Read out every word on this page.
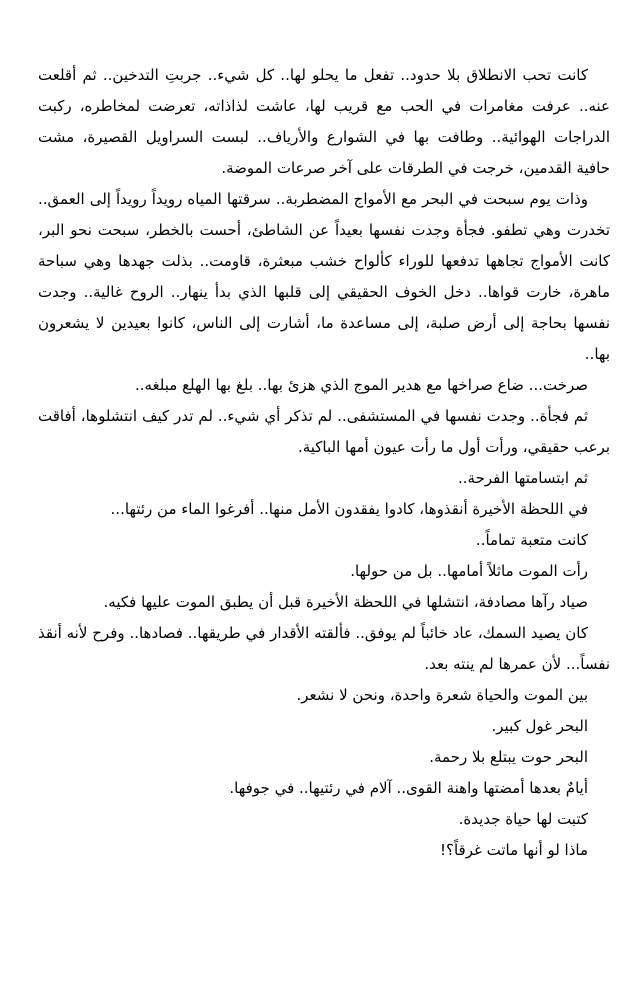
كانت تحب الانطلاق بلا حدود.. تفعل ما يحلو لها.. كل شيء.. جربتِ التدخين.. ثم أقلعت عنه.. عرفت مغامرات في الحب مع قريب لها، عاشت لذاذاته، تعرضت لمخاطره، ركبت الدراجات الهوائية.. وطافت بها في الشوارع والأرياف.. لبست السراويل القصيرة، مشت حافية القدمين، خرجت في الطرقات على آخر صرعات الموضة.

وذات يوم سبحت في البحر مع الأمواج المضطربة.. سرقتها المياه رويداً رويداً إلى العمق.. تخدرت وهي تطفو. فجأة وجدت نفسها بعيداً عن الشاطئ، أحست بالخطر، سبحت نحو البر، كانت الأمواج تجاهها تدفعها للوراء كألواح خشب مبعثرة، قاومت.. بذلت جهدها وهي سباحة ماهرة، خارت قواها.. دخل الخوف الحقيقي إلى قلبها الذي بدأ ينهار.. الروح غالية.. وجدت نفسها بحاجة إلى أرض صلبة، إلى مساعدة ما، أشارت إلى الناس، كانوا بعيدين لا يشعرون بها..

صرخت... ضاع صراخها مع هدير الموج الذي هزئ بها.. بلغ بها الهلع مبلغه..

ثم فجأة.. وجدت نفسها في المستشفى.. لم تذكر أي شيء.. لم تدر كيف انتشلوها، أفاقت برعب حقيقي، ورأت أول ما رأت عيون أمها الباكية.

ثم ابتسامتها الفرحة..

في اللحظة الأخيرة أنقذوها، كادوا يفقدون الأمل منها.. أفرغوا الماء من رئتها...

كانت متعبة تماماً..

رأت الموت ماثلاً أمامها.. بل من حولها.

صياد رآها مصادفة، انتشلها في اللحظة الأخيرة قبل أن يطبق الموت عليها فكيه.

كان يصيد السمك، عاد خائباً لم يوفق.. فألقته الأقدار في طريقها.. فصادها.. وفرح لأنه أنقذ نفساً... لأن عمرها لم ينته بعد.

بين الموت والحياة شعرة واحدة، ونحن لا نشعر.

البحر غول كبير.

البحر حوت يبتلع بلا رحمة.

أيامٌ بعدها أمضتها واهنة القوى.. آلام في رئتيها.. في جوفها.

كتبت لها حياة جديدة.

ماذا لو أنها ماتت غرقاً؟!
